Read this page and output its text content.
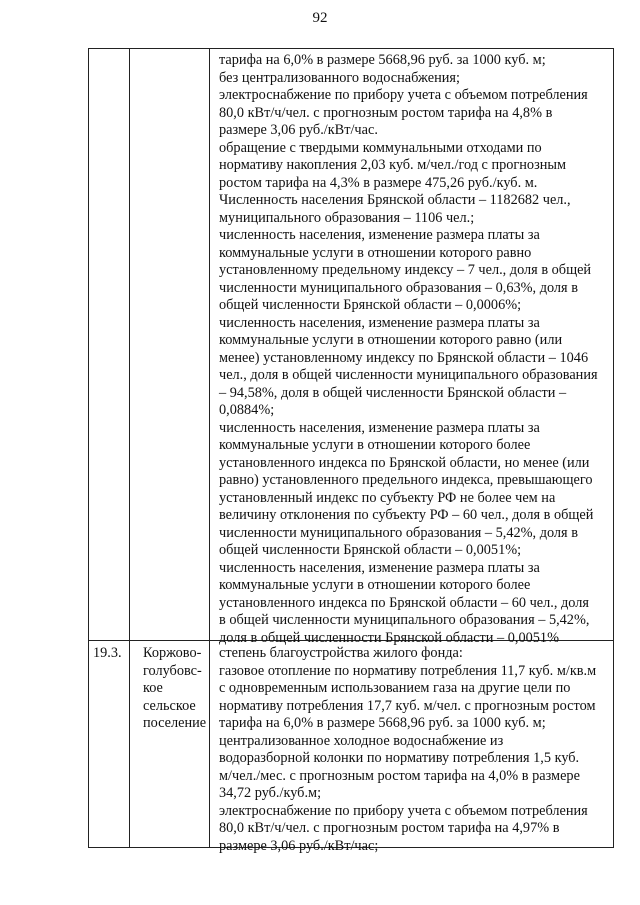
92
тарифа на 6,0% в размере 5668,96 руб. за 1000 куб. м;
без централизованного водоснабжения;
электроснабжение по прибору учета с объемом потребления
80,0 кВт/ч/чел. с прогнозным ростом тарифа на 4,8% в
размере 3,06 руб./кВт/час.
обращение с твердыми коммунальными отходами по
нормативу накопления 2,03 куб. м/чел./год с прогнозным
ростом тарифа на 4,3% в размере 475,26 руб./куб. м.
Численность населения Брянской области – 1182682 чел.,
муниципального образования – 1106 чел.;
численность населения, изменение размера платы за
коммунальные услуги в отношении которого равно
установленному предельному индексу – 7 чел., доля в общей
численности муниципального образования – 0,63%, доля в
общей численности Брянской области – 0,0006%;
численность населения, изменение размера платы за
коммунальные услуги в отношении которого равно (или
менее) установленному индексу по Брянской области – 1046
чел., доля в общей численности муниципального образования
– 94,58%, доля в общей численности Брянской области –
0,0884%;
численность населения, изменение размера платы за
коммунальные услуги в отношении которого более
установленного индекса по Брянской области, но менее (или
равно) установленного предельного индекса, превышающего
установленный индекс по субъекту РФ не более чем на
величину отклонения по субъекту РФ – 60 чел., доля в общей
численности муниципального образования – 5,42%, доля в
общей численности Брянской области – 0,0051%;
численность населения, изменение размера платы за
коммунальные услуги в отношении которого более
установленного индекса по Брянской области – 60 чел., доля
в общей численности муниципального образования – 5,42%,
доля в общей численности Брянской области – 0,0051%
19.3. Коржово-
голубовс-
кое
сельское
поселение
степень благоустройства жилого фонда:
газовое отопление по нормативу потребления 11,7 куб. м/кв.м
с одновременным использованием газа на другие цели по
нормативу потребления 17,7 куб. м/чел. с прогнозным ростом
тарифа на 6,0% в размере 5668,96 руб. за 1000 куб. м;
централизованное холодное водоснабжение из
водоразборной колонки по нормативу потребления 1,5 куб.
м/чел./мес. с прогнозным ростом тарифа на 4,0% в размере
34,72 руб./куб.м;
электроснабжение по прибору учета с объемом потребления
80,0 кВт/ч/чел. с прогнозным ростом тарифа на 4,97% в
размере 3,06 руб./кВт/час;
